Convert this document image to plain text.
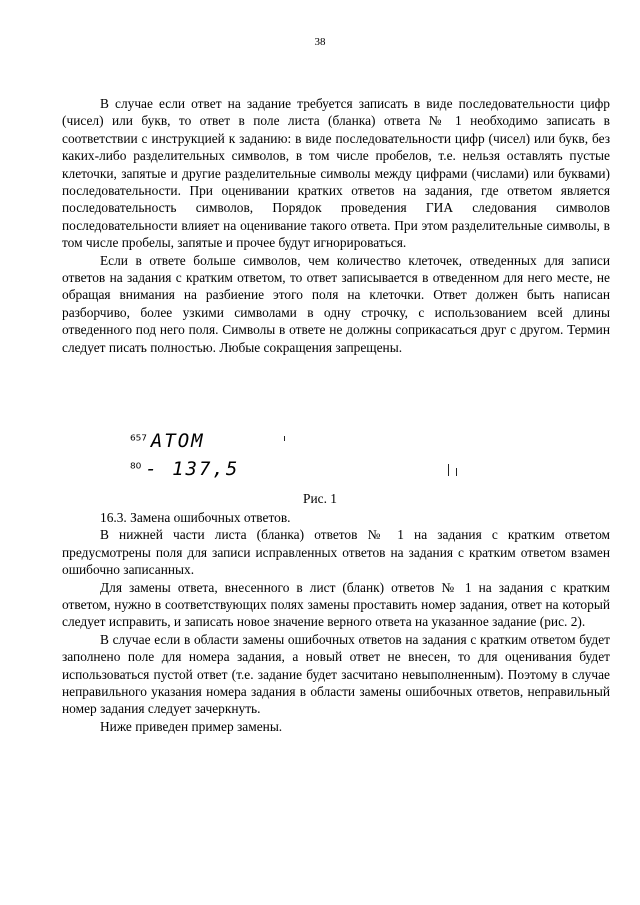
38

В случае если ответ на задание требуется записать в виде последовательности цифр (чисел) или букв, то ответ в поле листа (бланка) ответа № 1 необходимо записать в соответствии с инструкцией к заданию: в виде последовательности цифр (чисел) или букв, без каких-либо разделительных символов, в том числе пробелов, т.е. нельзя оставлять пустые клеточки, запятые и другие разделительные символы между цифрами (числами) или буквами) последовательности. При оценивании кратких ответов на задания, где ответом является последовательность символов, Порядок проведения ГИА следования символов последовательности влияет на оценивание такого ответа. При этом разделительные символы, в том числе пробелы, запятые и прочее будут игнорироваться.

Если в ответе больше символов, чем количество клеточек, отведенных для записи ответов на задания с кратким ответом, то ответ записывается в отведенном для него месте, не обращая внимания на разбиение этого поля на клеточки. Ответ должен быть написан разборчиво, более узкими символами в одну строчку, с использованием всей длины отведенного под него поля. Символы в ответе не должны соприкасаться друг с другом. Термин следует писать полностью. Любые сокращения запрещены.

⁶⁵⁷ АТОМ
⁸⁰ - 137,5
Рис. 1

16.3. Замена ошибочных ответов.

В нижней части листа (бланка) ответов № 1 на задания с кратким ответом предусмотрены поля для записи исправленных ответов на задания с кратким ответом взамен ошибочно записанных.

Для замены ответа, внесенного в лист (бланк) ответов № 1 на задания с кратким ответом, нужно в соответствующих полях замены проставить номер задания, ответ на который следует исправить, и записать новое значение верного ответа на указанное задание (рис. 2).

В случае если в области замены ошибочных ответов на задания с кратким ответом будет заполнено поле для номера задания, а новый ответ не внесен, то для оценивания будет использоваться пустой ответ (т.е. задание будет засчитано невыполненным). Поэтому в случае неправильного указания номера задания в области замены ошибочных ответов, неправильный номер задания следует зачеркнуть.

Ниже приведен пример замены.
